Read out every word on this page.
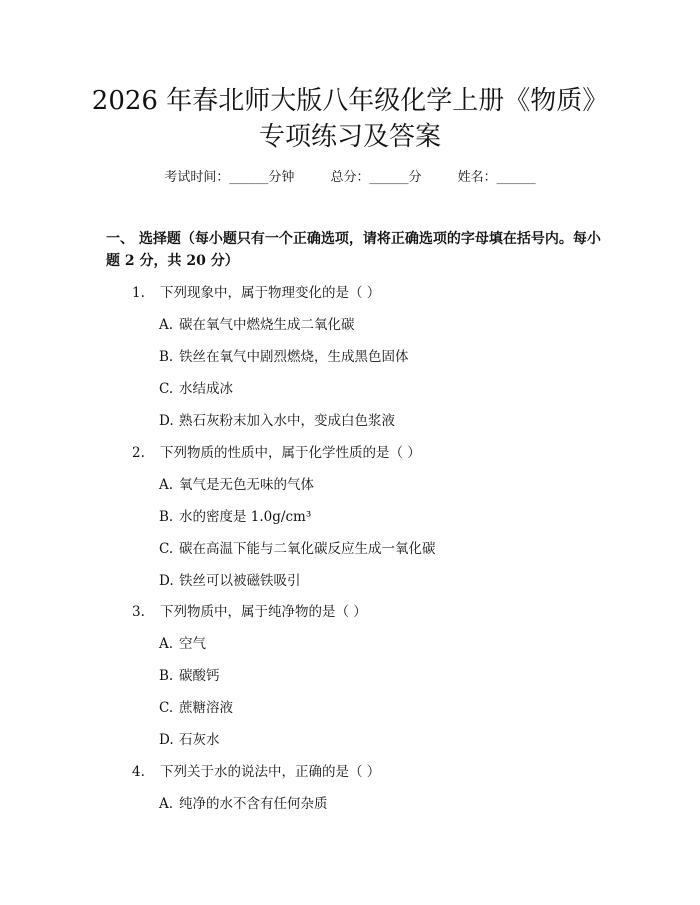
2026 年春北师大版八年级化学上册《物质》
专项练习及答案
考试时间：______分钟	总分：______分	姓名：______
一、 选择题（每小题只有一个正确选项，请将正确选项的字母填在括号内。每小
题 2 分，共 20 分）
1. 下列现象中，属于物理变化的是（ ）
A. 碳在氧气中燃烧生成二氧化碳
B. 铁丝在氧气中剧烈燃烧，生成黑色固体
C. 水结成冰
D. 熟石灰粉末加入水中，变成白色浆液
2. 下列物质的性质中，属于化学性质的是（ ）
A. 氧气是无色无味的气体
B. 水的密度是 1.0g/cm³
C. 碳在高温下能与二氧化碳反应生成一氧化碳
D. 铁丝可以被磁铁吸引
3. 下列物质中，属于纯净物的是（ ）
A. 空气
B. 碳酸钙
C. 蔗糖溶液
D. 石灰水
4. 下列关于水的说法中，正确的是（ ）
A. 纯净的水不含有任何杂质
